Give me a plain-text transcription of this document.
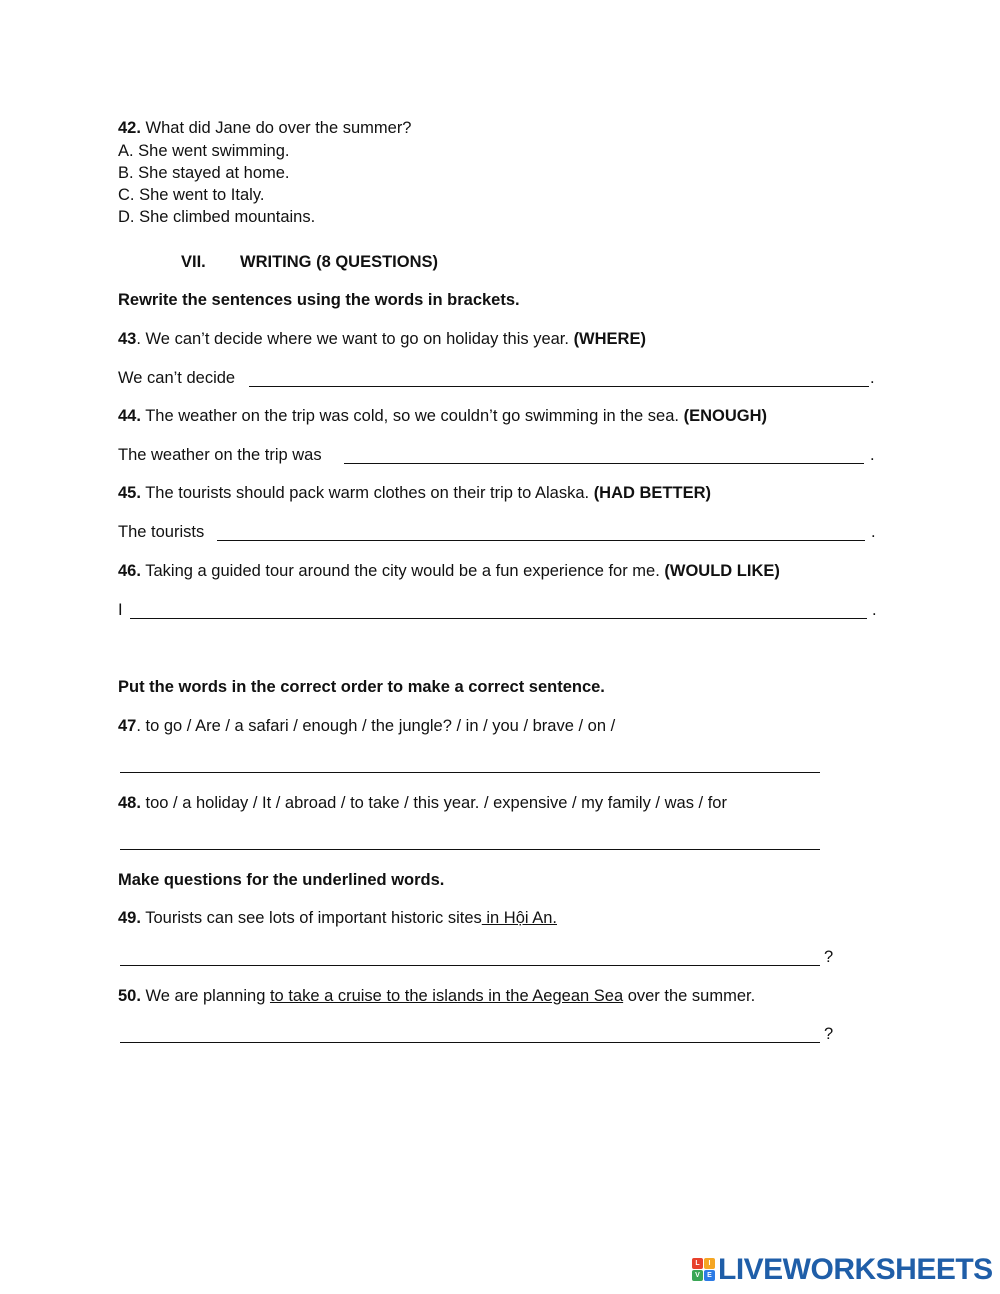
42. What did Jane do over the summer?
A. She went swimming.
B. She stayed at home.
C. She went to Italy.
D. She climbed mountains.
VII. WRITING (8 QUESTIONS)
Rewrite the sentences using the words in brackets.
43. We can’t decide where we want to go on holiday this year. (WHERE)
We can’t decide	.
44. The weather on the trip was cold, so we couldn’t go swimming in the sea. (ENOUGH)
The weather on the trip was	.
45. The tourists should pack warm clothes on their trip to Alaska. (HAD BETTER)
The tourists	.
46. Taking a guided tour around the city would be a fun experience for me. (WOULD LIKE)
I	.
Put the words in the correct order to make a correct sentence.
47. to go / Are / a safari / enough / the jungle? / in / you / brave / on /
48. too / a holiday / It / abroad / to take / this year. / expensive / my family / was / for
Make questions for the underlined words.
49. Tourists can see lots of important historic sites in Hội An.
?
50. We are planning to take a cruise to the islands in the Aegean Sea over the summer.
?
L	I
V	E LIVEWORKSHEETS
